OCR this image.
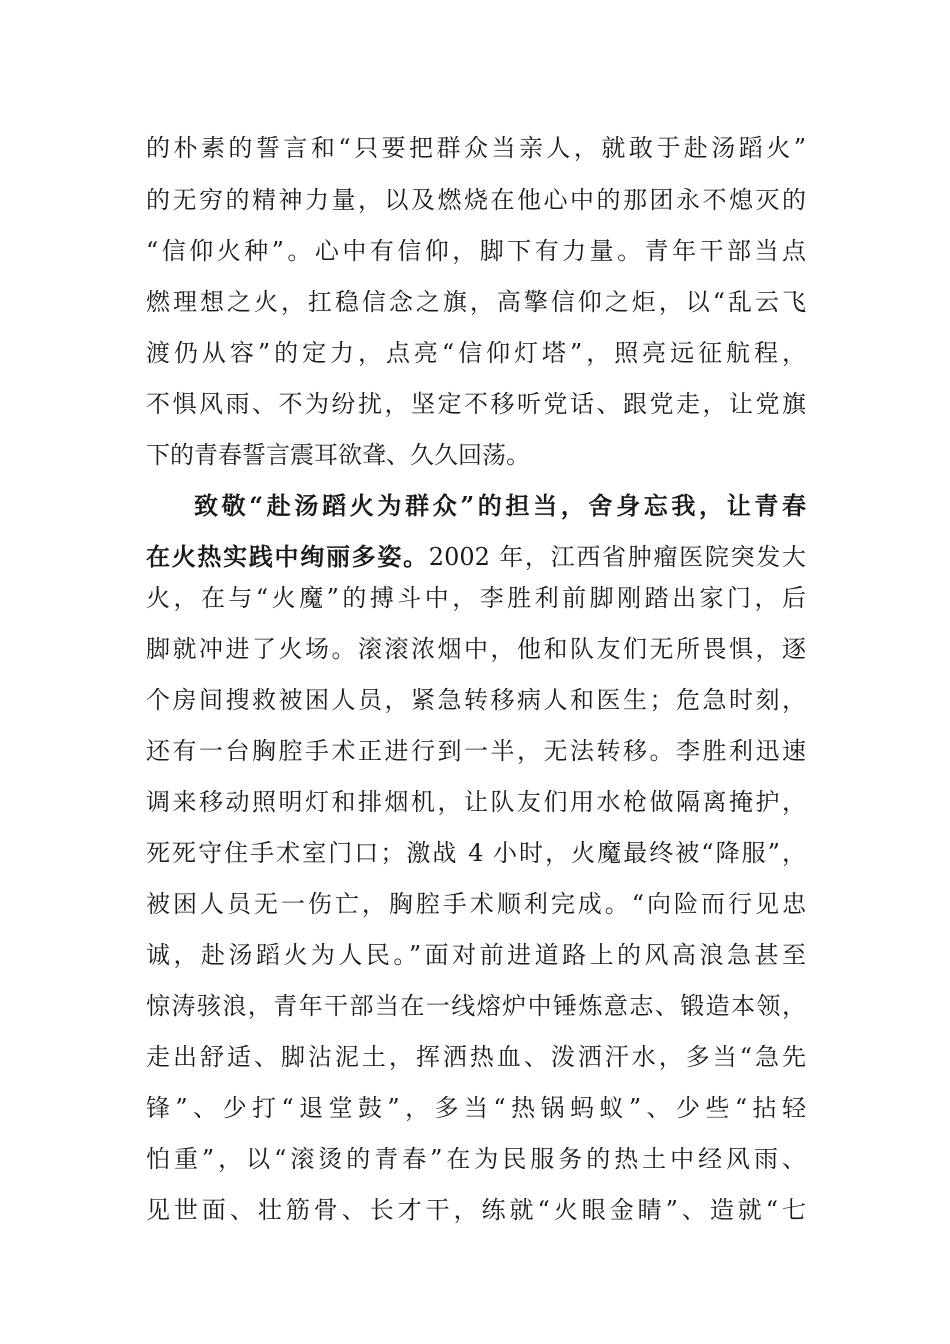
的朴素的誓言和“只要把群众当亲人，就敢于赴汤蹈火”
的无穷的精神力量，以及燃烧在他心中的那团永不熄灭的
“信仰火种”。心中有信仰，脚下有力量。青年干部当点
燃理想之火，扛稳信念之旗，高擎信仰之炬，以“乱云飞
渡仍从容”的定力，点亮“信仰灯塔”，照亮远征航程，
不惧风雨、不为纷扰，坚定不移听党话、跟党走，让党旗
下的青春誓言震耳欲聋、久久回荡。
致敬“赴汤蹈火为群众”的担当，舍身忘我，让青春
在火热实践中绚丽多姿。2002 年，江西省肿瘤医院突发大
火，在与“火魔”的搏斗中，李胜利前脚刚踏出家门，后
脚就冲进了火场。滚滚浓烟中，他和队友们无所畏惧，逐
个房间搜救被困人员，紧急转移病人和医生；危急时刻，
还有一台胸腔手术正进行到一半，无法转移。李胜利迅速
调来移动照明灯和排烟机，让队友们用水枪做隔离掩护，
死死守住手术室门口；激战 4 小时，火魔最终被“降服”，
被困人员无一伤亡，胸腔手术顺利完成。“向险而行见忠
诚，赴汤蹈火为人民。”面对前进道路上的风高浪急甚至
惊涛骇浪，青年干部当在一线熔炉中锤炼意志、锻造本领，
走出舒适、脚沾泥土，挥洒热血、泼洒汗水，多当“急先
锋”、少打“退堂鼓”，多当“热锅蚂蚁”、少些“拈轻
怕重”，以“滚烫的青春”在为民服务的热土中经风雨、
见世面、壮筋骨、长才干，练就“火眼金睛”、造就“七
